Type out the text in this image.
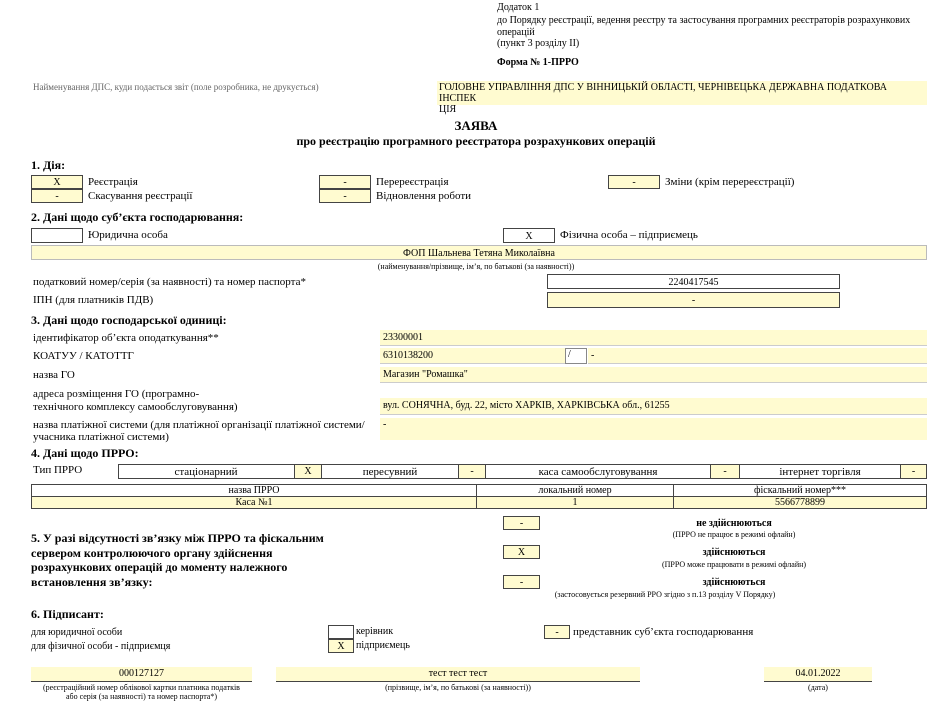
Додаток 1
до Порядку реєстрації, ведення реєстру та застосування програмних реєстраторів розрахункових
операцій
(пункт 3 розділу ІІ)
Форма № 1-ПРРО
Найменування ДПС, куди подається звіт (поле розробника, не друкується)	ГОЛОВНЕ УПРАВЛІННЯ ДПС У ВІННИЦЬКІЙ ОБЛАСТІ, ЧЕРНІВЕЦЬКА ДЕРЖАВНА ПОДАТКОВА ІНСПЕК
ЦІЯ
ЗАЯВА
про реєстрацію програмного реєстратора розрахункових операцій
1. Дія:
X	Реєстрація	-	Перереєстрація	-	Зміни (крім перереєстрації)
-	Скасування реєстрації	-	Відновлення роботи
2. Дані щодо суб’єкта господарювання:
Юридична особа	X	Фізична особа – підприємець
ФОП Шальнева Тетяна Миколаївна
(найменування/прізвище, ім’я, по батькові (за наявності))
податковий номер/серія (за наявності) та номер паспорта*	2240417545
ІПН (для платників ПДВ)	-
3. Дані щодо господарської одиниці:
ідентифікатор об’єкта оподаткування**	23300001
КОАТУУ / КАТОТТГ	6310138200	/	-
назва ГО	Магазин "Ромашка"
адреса розміщення ГО (програмно-
технічного комплексу самообслуговування)	вул. СОНЯЧНА, буд. 22, місто ХАРКІВ, ХАРКІВСЬКА обл., 61255
назва платіжної системи (для платіжної організації платіжної системи/
учасника платіжної системи)
-
4. Дані щодо ПРРО:
Тип ПРРО	стаціонарний	X	пересувний	-	каса самообслуговування	-	інтернет торгівля	-
назва ПРРО	локальний номер	фіскальний номер***
Каса №1	1	5566778899
5. У разі відсутності зв’язку між ПРРО та фіскальним
сервером контролюючого органу здійснення
розрахункових операцій до моменту належного
встановлення зв’язку:
-	не здійснюються
(ПРРО не працює в режимі офлайн)
X	здійснюються
(ПРРО може працювати в режимі офлайн)
-	здійснюються
(застосовується резервний РРО згідно з п.13 розділу V Порядку)
6. Підписант:
для юридичної особи
для фізичної особи - підприємця
керівник	-	представник суб’єкта господарювання
X	підприємець
000127127
(реєстраційний номер облікової картки платника податків
або серія (за наявності) та номер паспорта*)
тест тест тест
(прізвище, ім’я, по батькові (за наявності))
04.01.2022
(дата)
